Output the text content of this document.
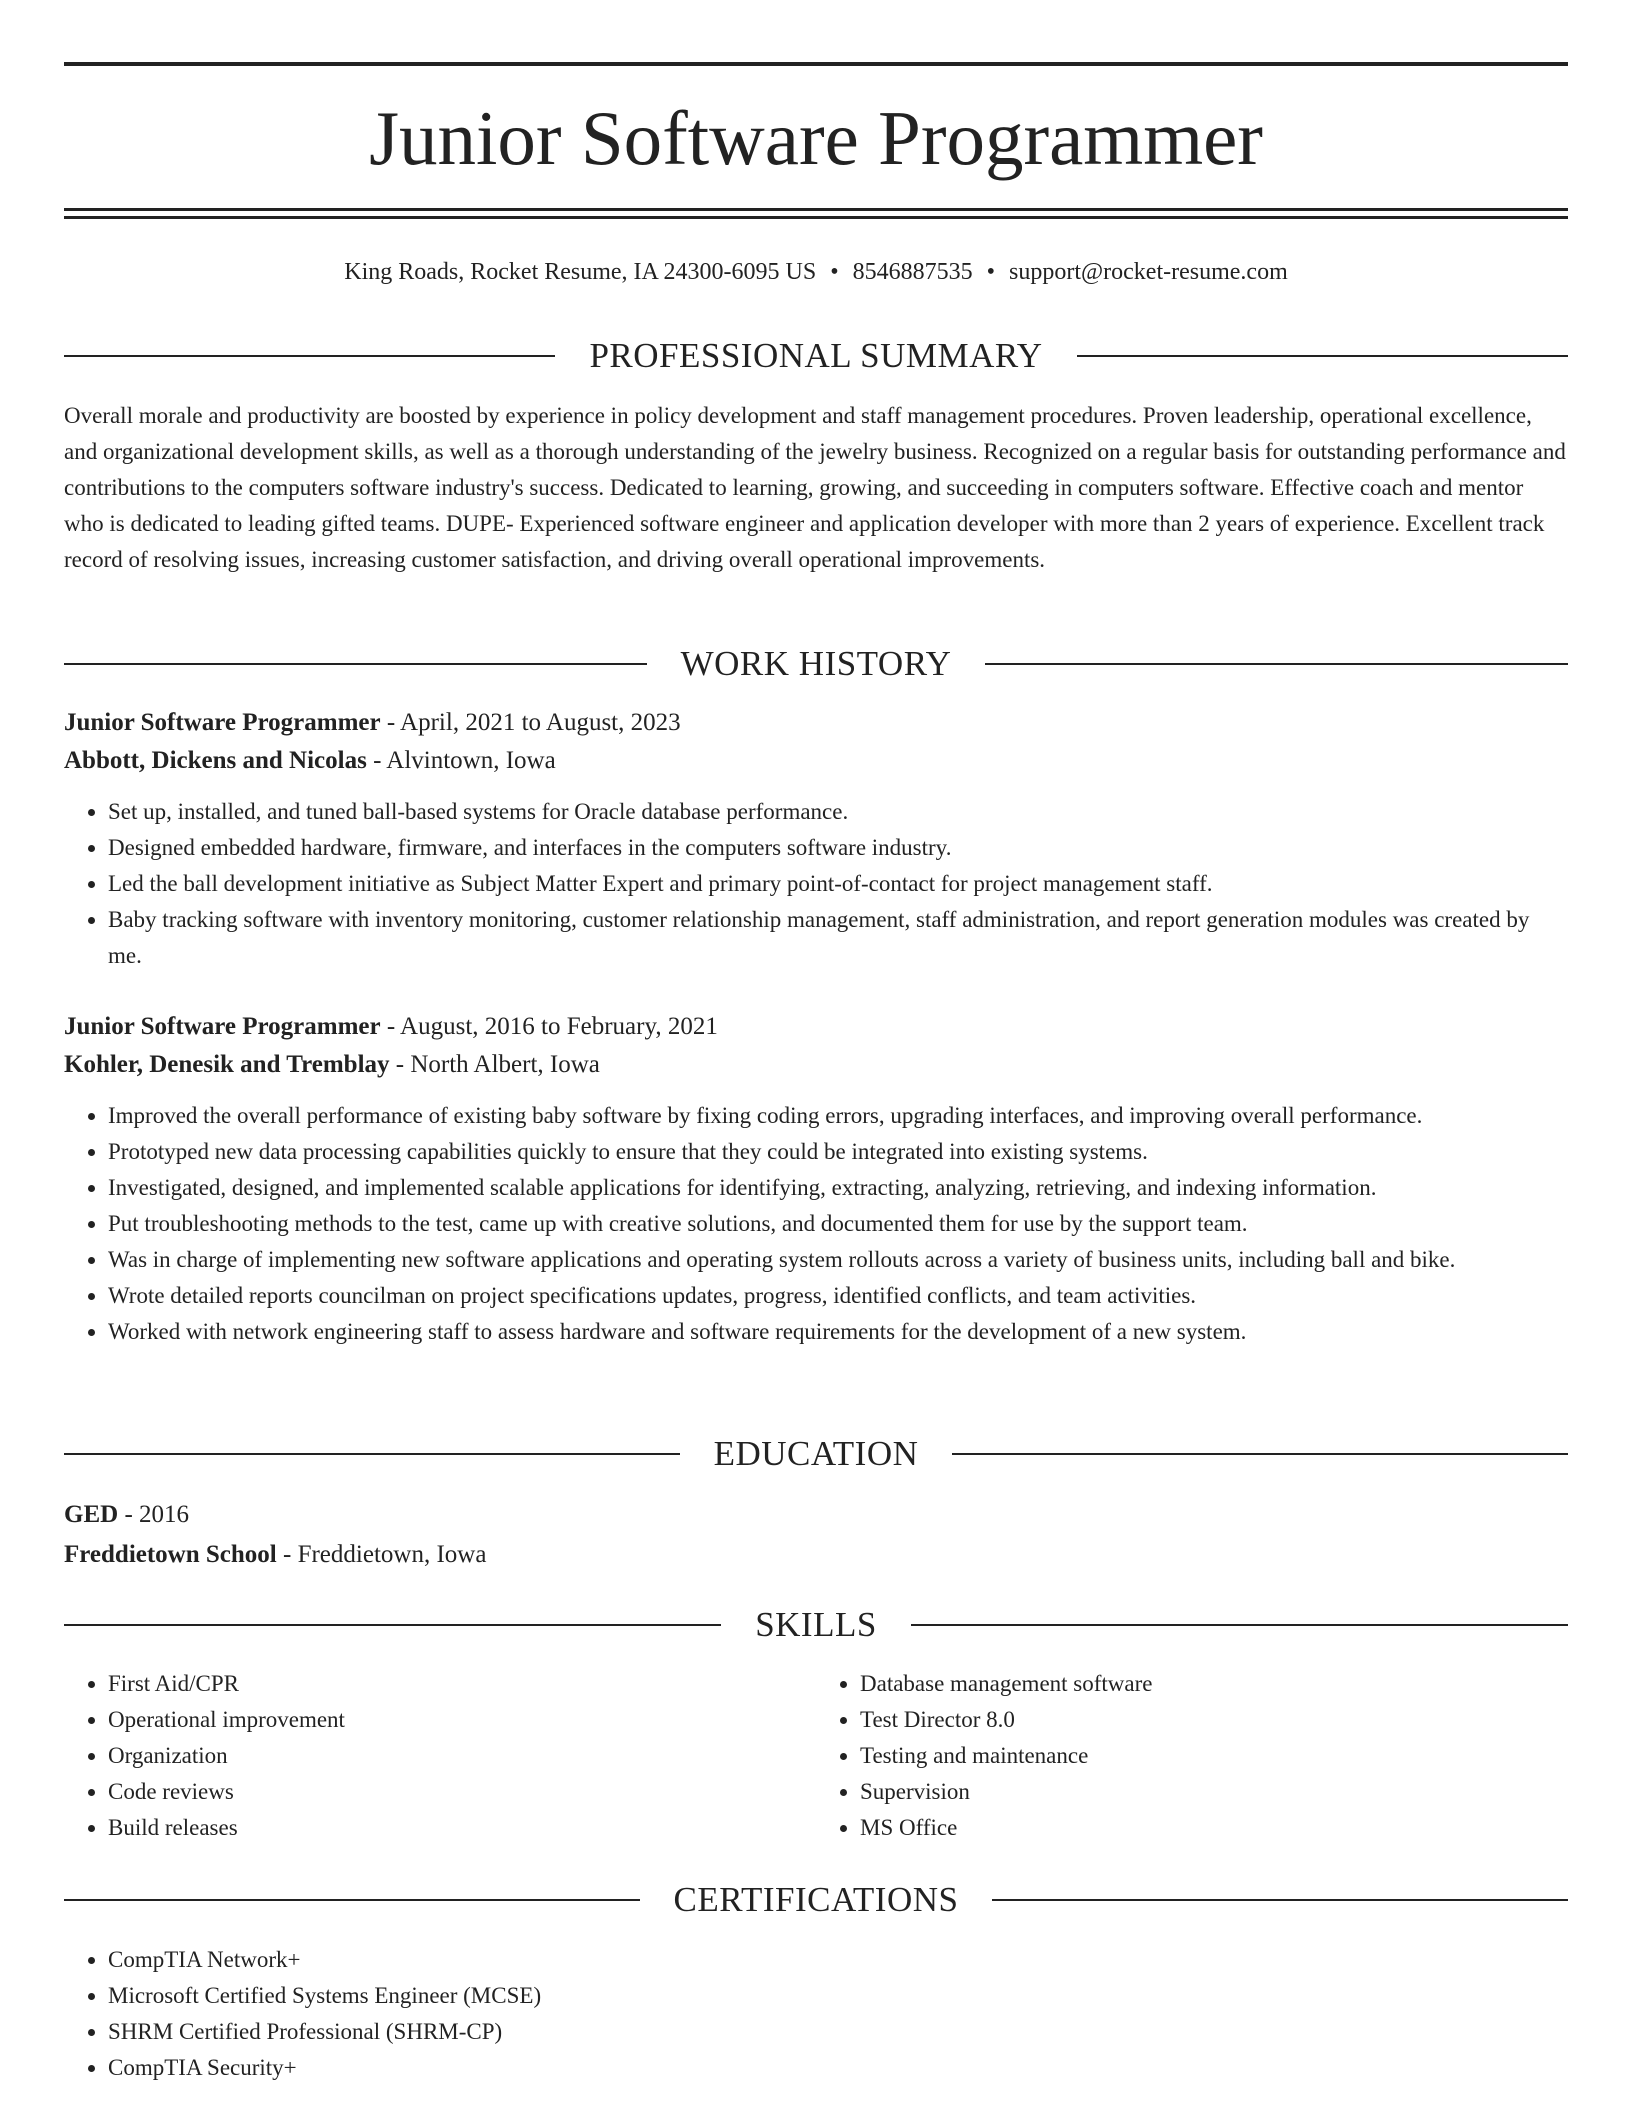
Junior Software Programmer
King Roads, Rocket Resume, IA 24300-6095 US • 8546887535 • support@rocket-resume.com
PROFESSIONAL SUMMARY

Overall morale and productivity are boosted by experience in policy development and staff management procedures. Proven leadership, operational excellence, and organizational development skills, as well as a thorough understanding of the jewelry business. Recognized on a regular basis for outstanding performance and contributions to the computers software industry's success. Dedicated to learning, growing, and succeeding in computers software. Effective coach and mentor who is dedicated to leading gifted teams. DUPE- Experienced software engineer and application developer with more than 2 years of experience. Excellent track record of resolving issues, increasing customer satisfaction, and driving overall operational improvements.

WORK HISTORY
Junior Software Programmer - April, 2021 to August, 2023
Abbott, Dickens and Nicolas - Alvintown, Iowa
• Set up, installed, and tuned ball-based systems for Oracle database performance.
• Designed embedded hardware, firmware, and interfaces in the computers software industry.
• Led the ball development initiative as Subject Matter Expert and primary point-of-contact for project management staff.
• Baby tracking software with inventory monitoring, customer relationship management, staff administration, and report generation modules was created by me.
Junior Software Programmer - August, 2016 to February, 2021
Kohler, Denesik and Tremblay - North Albert, Iowa
• Improved the overall performance of existing baby software by fixing coding errors, upgrading interfaces, and improving overall performance.
• Prototyped new data processing capabilities quickly to ensure that they could be integrated into existing systems.
• Investigated, designed, and implemented scalable applications for identifying, extracting, analyzing, retrieving, and indexing information.
• Put troubleshooting methods to the test, came up with creative solutions, and documented them for use by the support team.
• Was in charge of implementing new software applications and operating system rollouts across a variety of business units, including ball and bike.
• Wrote detailed reports councilman on project specifications updates, progress, identified conflicts, and team activities.
• Worked with network engineering staff to assess hardware and software requirements for the development of a new system.
EDUCATION
GED - 2016
Freddietown School - Freddietown, Iowa
SKILLS
• First Aid/CPR
• Operational improvement
• Organization
• Code reviews
• Build releases
• Database management software
• Test Director 8.0
• Testing and maintenance
• Supervision
• MS Office
CERTIFICATIONS
• CompTIA Network+
• Microsoft Certified Systems Engineer (MCSE)
• SHRM Certified Professional (SHRM-CP)
• CompTIA Security+
